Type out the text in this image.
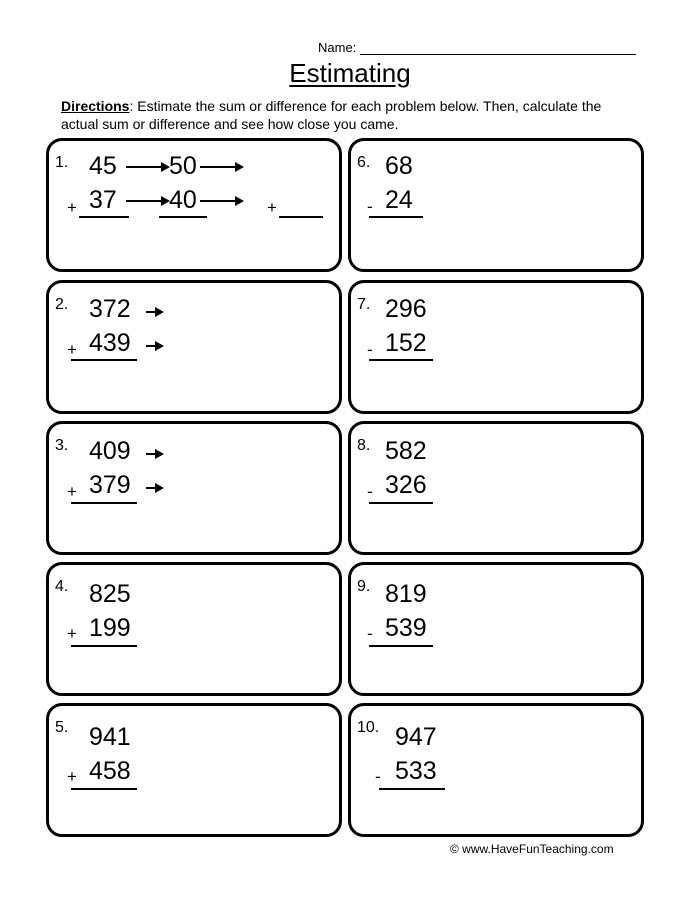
Name:
Estimating
Directions: Estimate the sum or difference for each problem below. Then, calculate the actual sum or difference and see how close you came.
1. 45 50
+ 37 40	+
2. 372
+ 439
3. 409
+ 379
4. 825
+ 199
5. 941
+ 458
6. 68
- 24
7. 296
- 152
8. 582
- 326
9. 819
- 539
10. 947
- 533
© www.HaveFunTeaching.com
